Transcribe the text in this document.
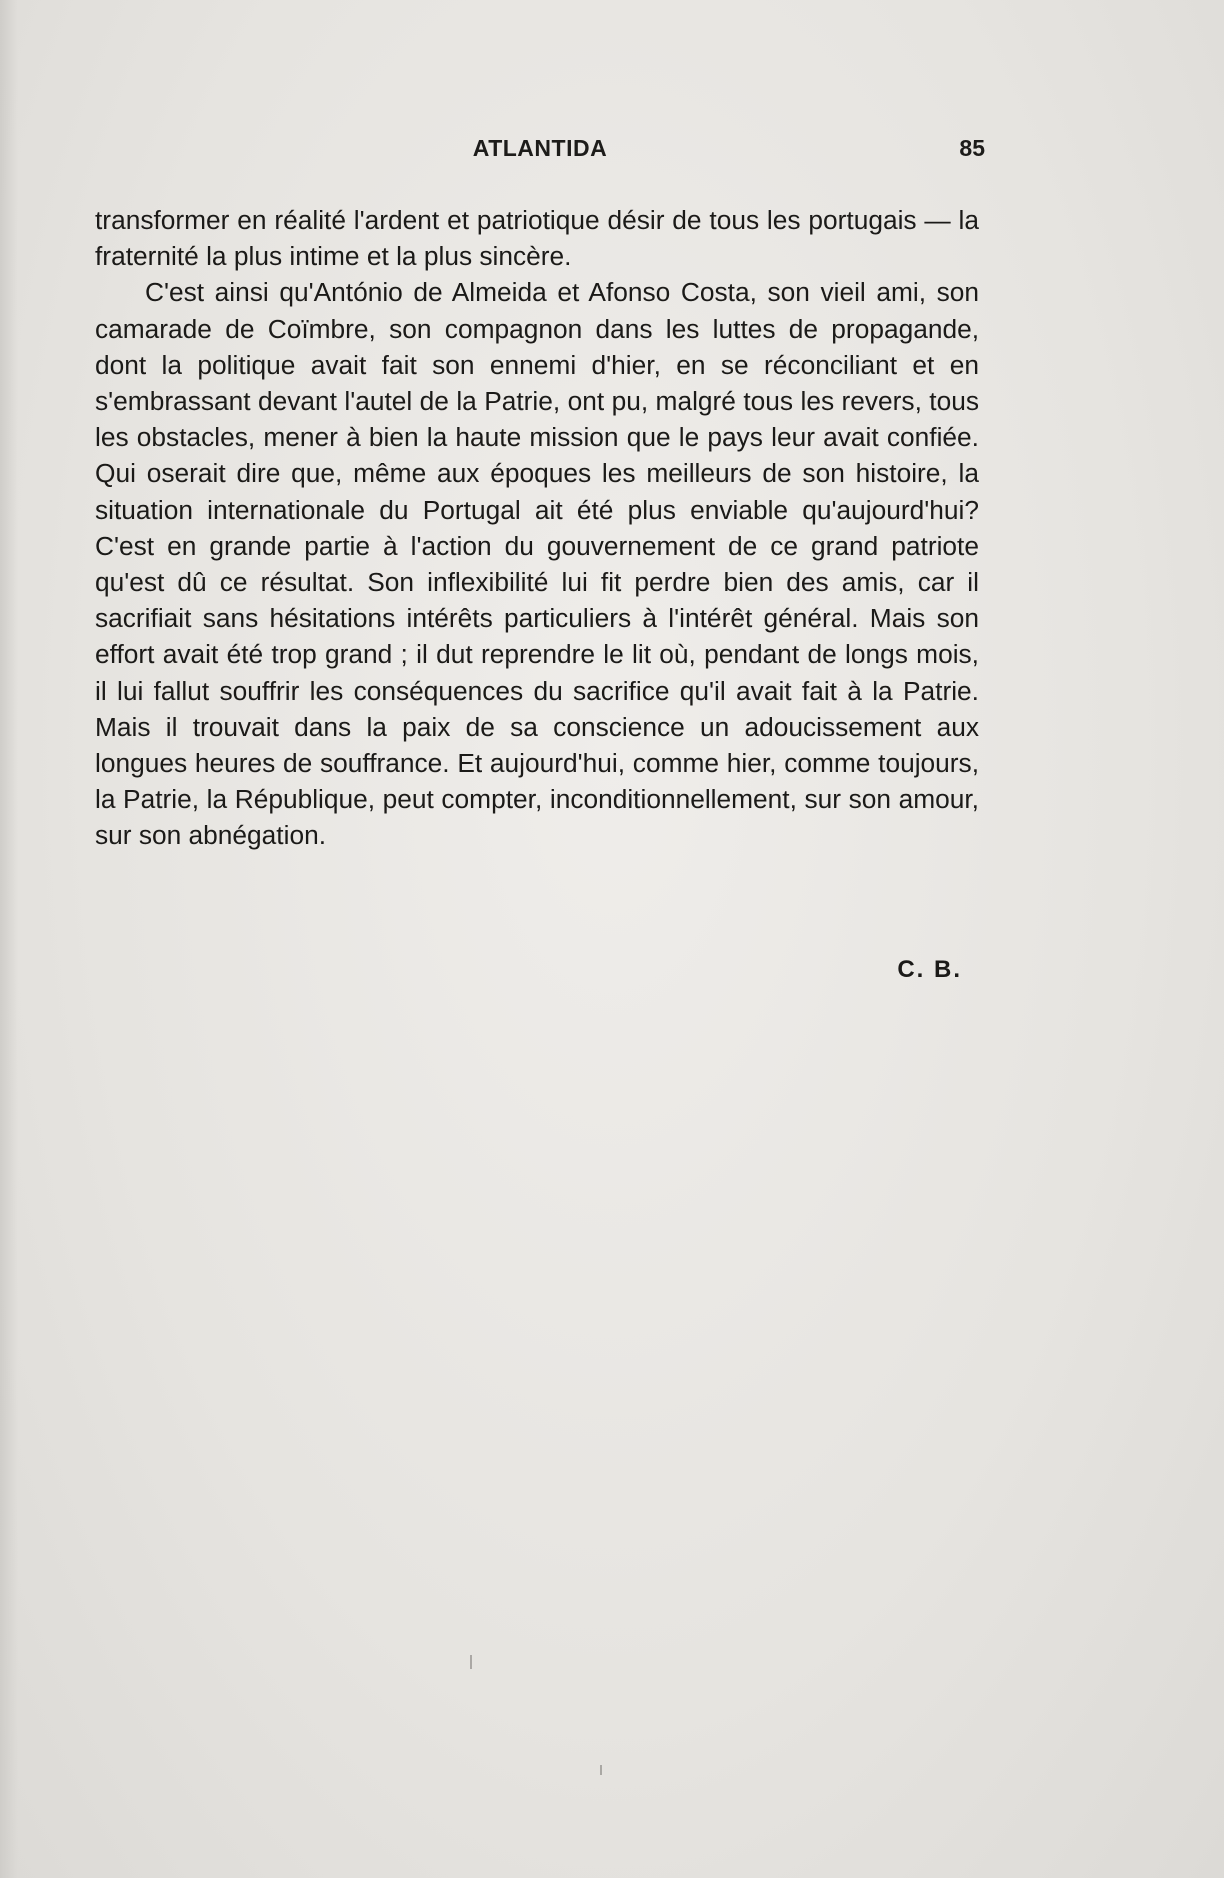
ATLANTIDA	85

transformer en réalité l'ardent et patriotique désir de tous les portugais — la fraternité la plus intime et la plus sincère.

C'est ainsi qu'António de Almeida et Afonso Costa, son vieil ami, son camarade de Coïmbre, son compagnon dans les luttes de propagande, dont la politique avait fait son ennemi d'hier, en se réconciliant et en s'embrassant devant l'autel de la Patrie, ont pu, malgré tous les revers, tous les obstacles, mener à bien la haute mission que le pays leur avait confiée. Qui oserait dire que, même aux époques les meilleurs de son histoire, la situation internationale du Portugal ait été plus enviable qu'aujourd'hui? C'est en grande partie à l'action du gouvernement de ce grand patriote qu'est dû ce résultat. Son inflexibilité lui fit perdre bien des amis, car il sacrifiait sans hésitations intérêts particuliers à l'intérêt général. Mais son effort avait été trop grand ; il dut reprendre le lit où, pendant de longs mois, il lui fallut souffrir les conséquences du sacrifice qu'il avait fait à la Patrie. Mais il trouvait dans la paix de sa conscience un adoucissement aux longues heures de souffrance. Et aujourd'hui, comme hier, comme toujours, la Patrie, la République, peut compter, inconditionnellement, sur son amour, sur son abnégation.

C. B.
